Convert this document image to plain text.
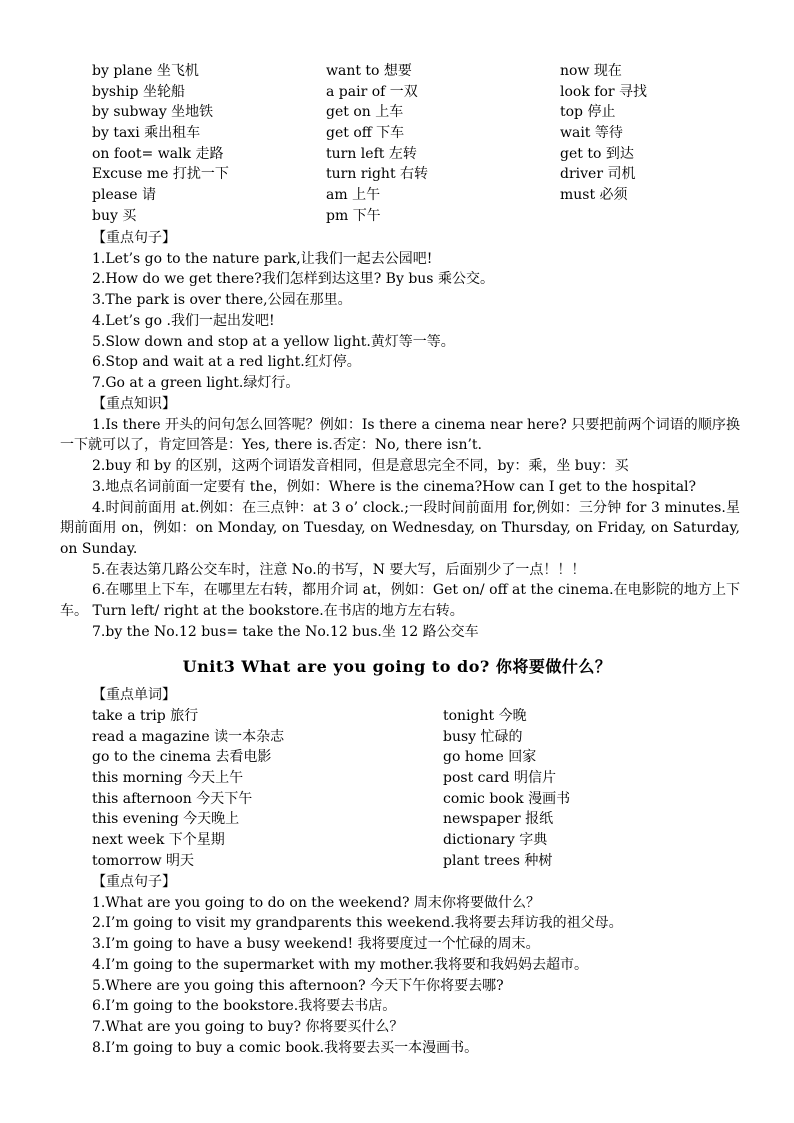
by plane 坐飞机	want to 想要	now 现在
byship 坐轮船	a pair of 一双	look for 寻找
by subway 坐地铁	get on 上车	top 停止
by taxi 乘出租车	get off 下车	wait 等待
on foot= walk 走路	turn left 左转	get to 到达
Excuse me 打扰一下	turn right 右转	driver 司机
please 请	am 上午	must 必须
buy 买	pm 下午
【重点句子】
1.Let’s go to the nature park,让我们一起去公园吧!
2.How do we get there?我们怎样到达这里? By bus 乘公交。
3.The park is over there,公园在那里。
4.Let’s go .我们一起出发吧!
5.Slow down and stop at a yellow light.黄灯等一等。
6.Stop and wait at a red light.红灯停。
7.Go at a green light.绿灯行。
【重点知识】
1.Is there 开头的问句怎么回答呢？例如：Is there a cinema near here? 只要把前两个词语的顺序换一下就可以了，肯定回答是：Yes, there is.否定：No, there isn’t.
2.buy 和 by 的区别，这两个词语发音相同，但是意思完全不同，by：乘，坐 buy：买
3.地点名词前面一定要有 the，例如：Where is the cinema?How can I get to the hospital?
4.时间前面用 at.例如：在三点钟：at 3 o’ clock.;一段时间前面用 for,例如：三分钟 for 3 minutes.星期前面用 on，例如：on Monday, on Tuesday, on Wednesday, on Thursday, on Friday, on Saturday, on Sunday.
5.在表达第几路公交车时，注意 No.的书写，N 要大写，后面别少了一点！！！
6.在哪里上下车，在哪里左右转，都用介词 at，例如：Get on/ off at the cinema.在电影院的地方上下车。 Turn left/ right at the bookstore.在书店的地方左右转。
7.by the No.12 bus= take the No.12 bus.坐 12 路公交车
Unit3 What are you going to do? 你将要做什么？
【重点单词】
take a trip 旅行	tonight 今晚
read a magazine 读一本杂志	busy 忙碌的
go to the cinema 去看电影	go home 回家
this morning 今天上午	post card 明信片
this afternoon 今天下午	comic book 漫画书
this evening 今天晚上	newspaper 报纸
next week 下个星期	dictionary 字典
tomorrow 明天	plant trees 种树
【重点句子】
1.What are you going to do on the weekend? 周末你将要做什么？
2.I’m going to visit my grandparents this weekend.我将要去拜访我的祖父母。
3.I’m going to have a busy weekend! 我将要度过一个忙碌的周末。
4.I’m going to the supermarket with my mother.我将要和我妈妈去超市。
5.Where are you going this afternoon? 今天下午你将要去哪?
6.I’m going to the bookstore.我将要去书店。
7.What are you going to buy? 你将要买什么？
8.I’m going to buy a comic book.我将要去买一本漫画书。
